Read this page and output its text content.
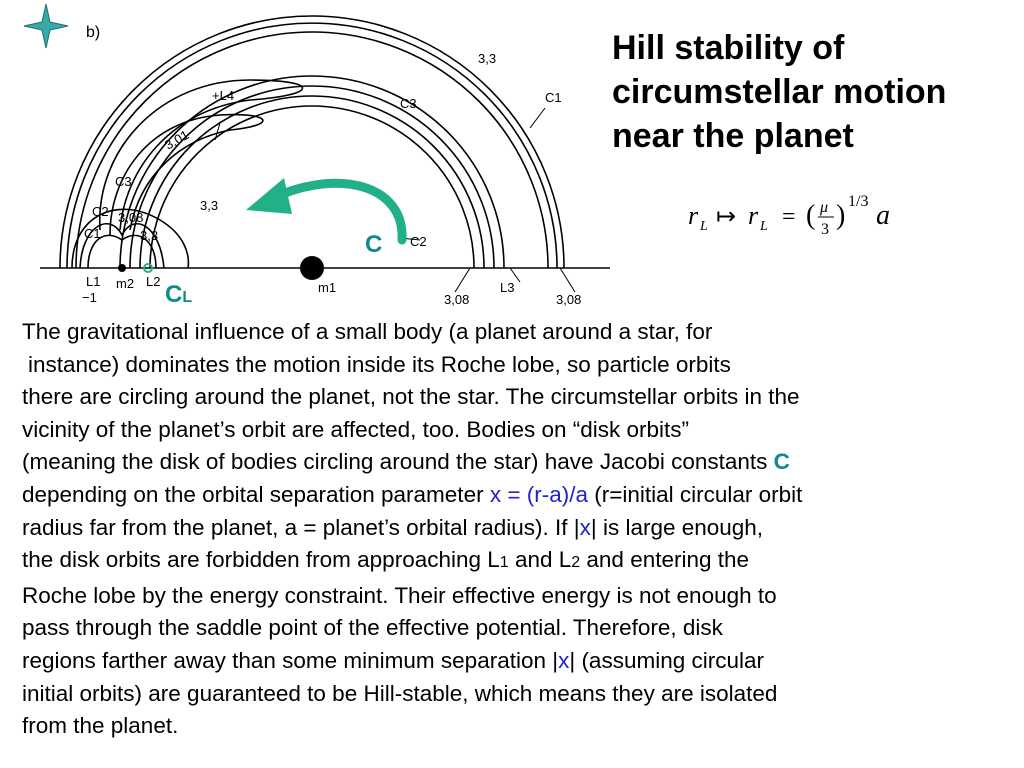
b)
C1
C3
+L4
3,3
3,01
C3
C2
C1
3,08
3,3
3,3	C2
L1	L2
m2	m1
−1
L3
3,08	3,08
C
CL
Hill stability of circumstellar motion near the planet
r L ↦ r L = ( μ
3 ) 1/3 a
The gravitational influence of a small body (a planet around a star, for
instance) dominates the motion inside its Roche lobe, so particle orbits
there are circling around the planet, not the star. The circumstellar orbits in the
vicinity of the planet’s orbit are affected, too. Bodies on “disk orbits”
(meaning the disk of bodies circling around the star) have Jacobi constants C
depending on the orbital separation parameter x = (r-a)/a (r=initial circular orbit
radius far from the planet, a = planet’s orbital radius). If |x| is large enough,
the disk orbits are forbidden from approaching L1 and L2 and entering the
Roche lobe by the energy constraint. Their effective energy is not enough to
pass through the saddle point of the effective potential. Therefore, disk
regions farther away than some minimum separation |x| (assuming circular
initial orbits) are guaranteed to be Hill-stable, which means they are isolated
from the planet.
